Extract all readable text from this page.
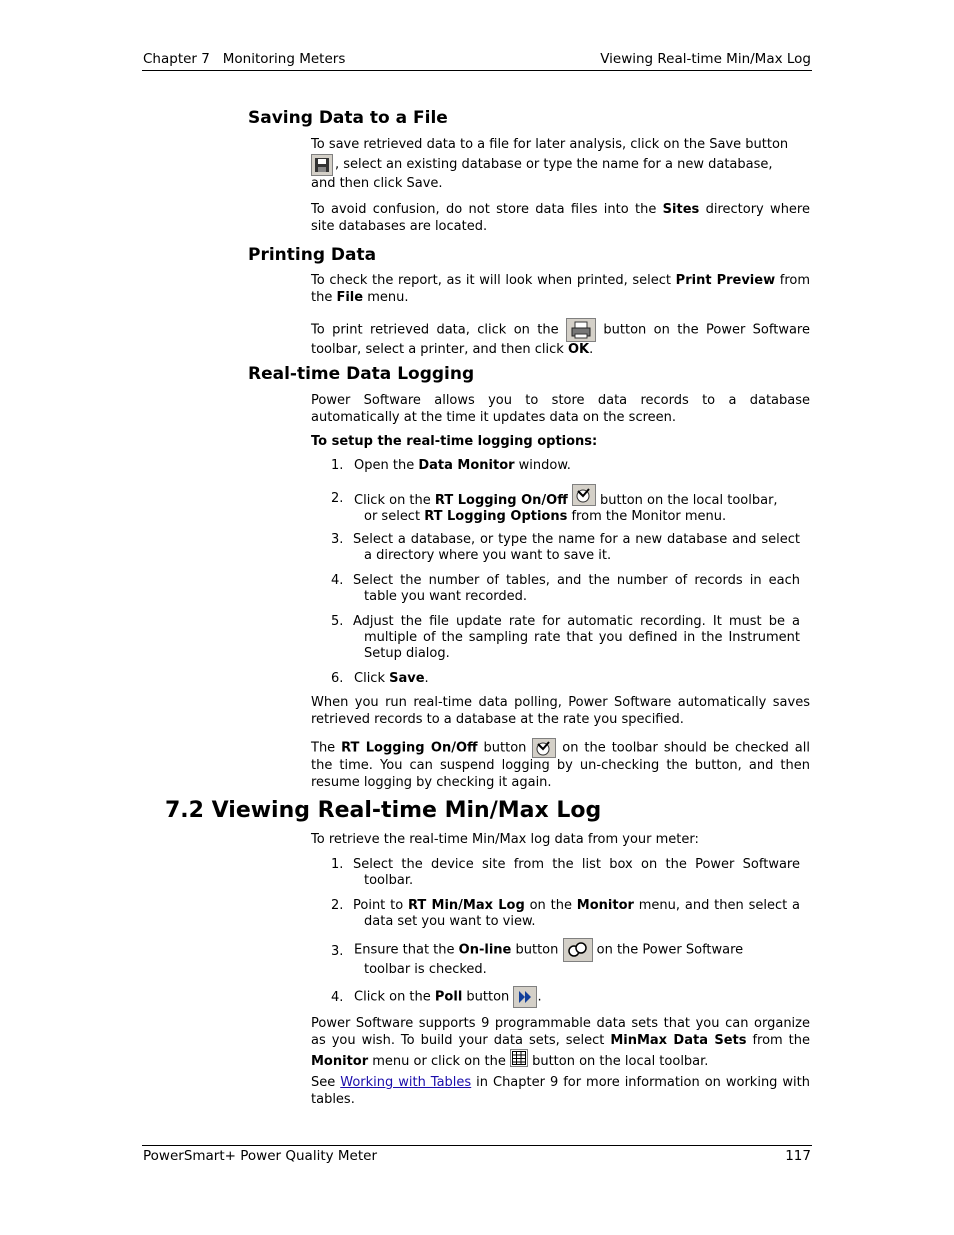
Chapter 7 Monitoring Meters	Viewing Real-time Min/Max Log
Saving Data to a File
To save retrieved data to a file for later analysis, click on the Save button
, select an existing database or type the name for a new database,
and then click Save.
To avoid confusion, do not store data files into the Sites directory where site databases are located.
Printing Data
To check the report, as it will look when printed, select Print Preview from the File menu.
To print retrieved data, click on the
button on the Power Software toolbar, select a printer, and then click OK.
Real-time Data Logging
Power Software allows you to store data records to a database automatically at the time it updates data on the screen.
To setup the real-time logging options:
1. Open the Data Monitor window.
2. Click on the RT Logging On/Off
button on the local toolbar,
or select RT Logging Options from the Monitor menu.
3. Select a database, or type the name for a new database and select a directory where you want to save it.
4. Select the number of tables, and the number of records in each table you want recorded.
5. Adjust the file update rate for automatic recording. It must be a multiple of the sampling rate that you defined in the Instrument Setup dialog.
6. Click Save.
When you run real-time data polling, Power Software automatically saves retrieved records to a database at the rate you specified.
The RT Logging On/Off button
on the toolbar should be checked all the time. You can suspend logging by un-checking the button, and then resume logging by checking it again.
7.2 Viewing Real-time Min/Max Log
To retrieve the real-time Min/Max log data from your meter:
1. Select the device site from the list box on the Power Software toolbar.
2. Point to RT Min/Max Log on the Monitor menu, and then select a data set you want to view.
3. Ensure that the On-line button
on the Power Software
toolbar is checked.
4. Click on the Poll button
.
Power Software supports 9 programmable data sets that you can organize as you wish. To build your data sets, select MinMax Data Sets from the Monitor menu or click on the
button on the local toolbar.
See Working with Tables in Chapter 9 for more information on working with tables.
PowerSmart+ Power Quality Meter	117
